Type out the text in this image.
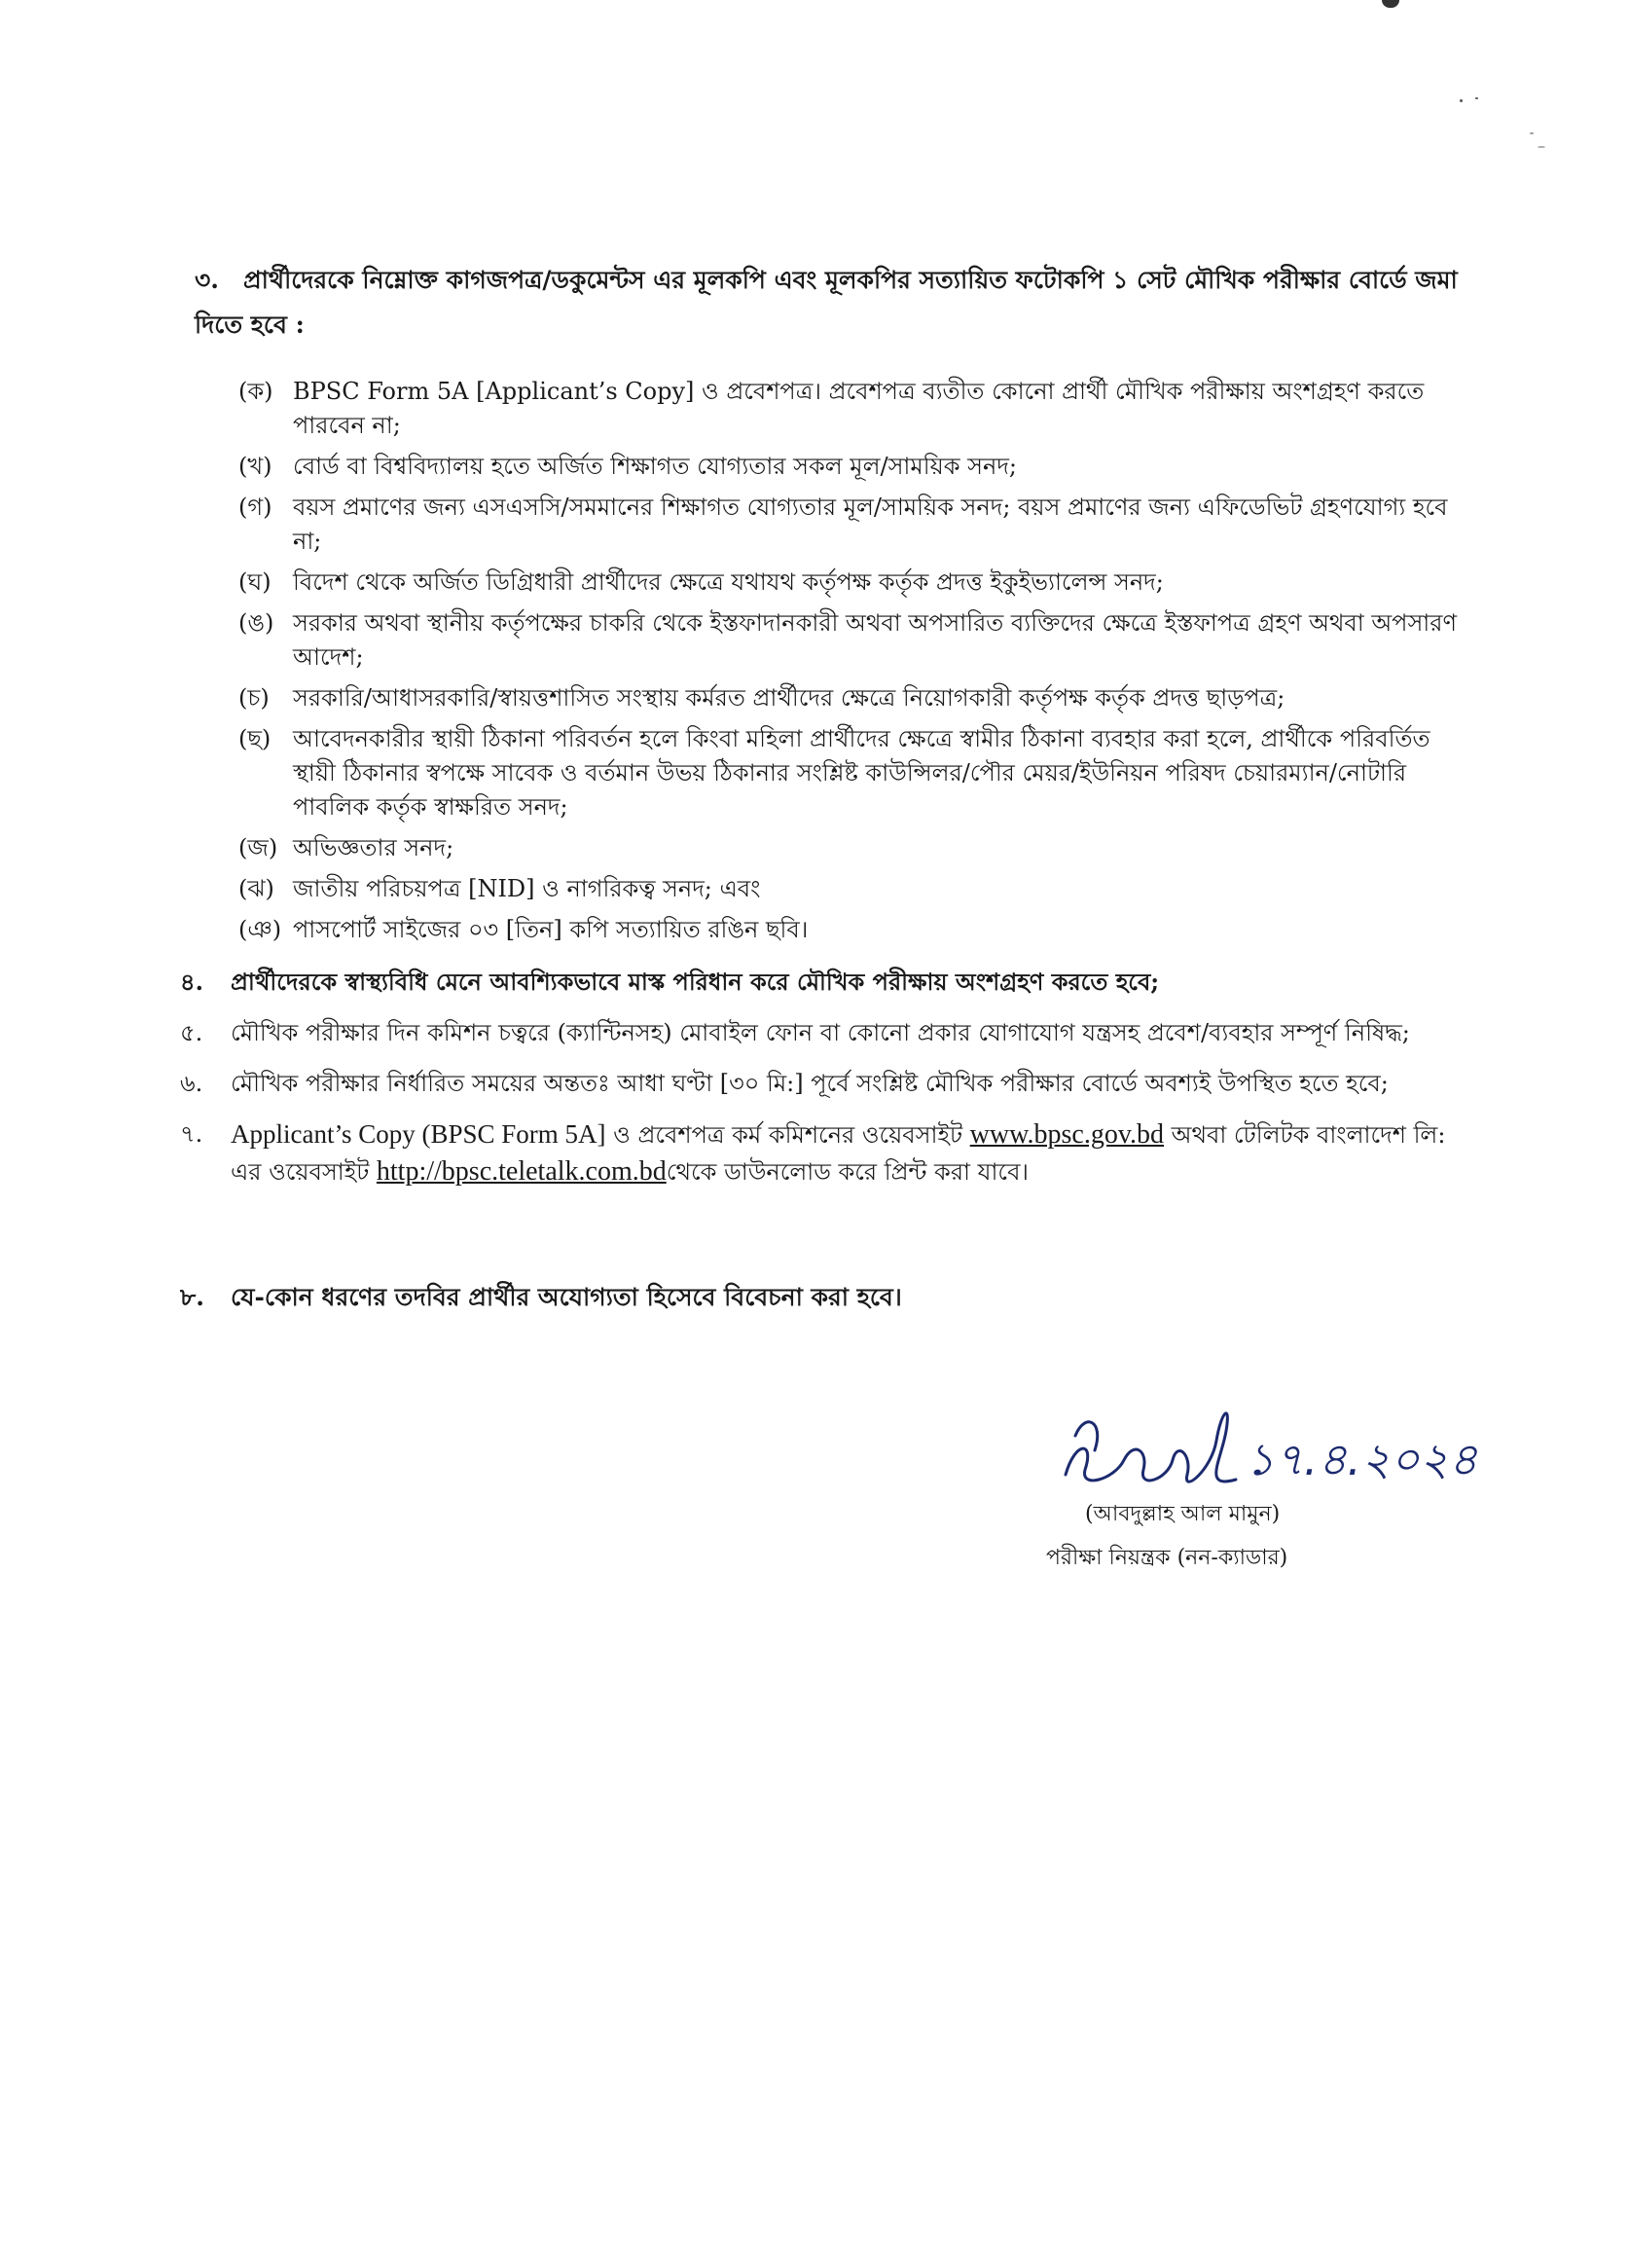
৩. প্রার্থীদেরকে নিম্নোক্ত কাগজপত্র/ডকুমেন্টস এর মূলকপি এবং মূলকপির সত্যায়িত ফটোকপি ১ সেট মৌখিক পরীক্ষার বোর্ডে জমা দিতে হবে :
(ক) BPSC Form 5A [Applicant’s Copy] ও প্রবেশপত্র। প্রবেশপত্র ব্যতীত কোনো প্রার্থী মৌখিক পরীক্ষায় অংশগ্রহণ করতে পারবেন না;
(খ) বোর্ড বা বিশ্ববিদ্যালয় হতে অর্জিত শিক্ষাগত যোগ্যতার সকল মূল/সাময়িক সনদ;
(গ) বয়স প্রমাণের জন্য এসএসসি/সমমানের শিক্ষাগত যোগ্যতার মূল/সাময়িক সনদ; বয়স প্রমাণের জন্য এফিডেভিট গ্রহণযোগ্য হবে না;
(ঘ) বিদেশ থেকে অর্জিত ডিগ্রিধারী প্রার্থীদের ক্ষেত্রে যথাযথ কর্তৃপক্ষ কর্তৃক প্রদত্ত ইকুইভ্যালেন্স সনদ;
(ঙ) সরকার অথবা স্থানীয় কর্তৃপক্ষের চাকরি থেকে ইস্তফাদানকারী অথবা অপসারিত ব্যক্তিদের ক্ষেত্রে ইস্তফাপত্র গ্রহণ অথবা অপসারণ আদেশ;
(চ)	সরকারি/আধাসরকারি/স্বায়ত্তশাসিত সংস্থায় কর্মরত প্রার্থীদের ক্ষেত্রে নিয়োগকারী কর্তৃপক্ষ কর্তৃক প্রদত্ত ছাড়পত্র;
(ছ) আবেদনকারীর স্থায়ী ঠিকানা পরিবর্তন হলে কিংবা মহিলা প্রার্থীদের ক্ষেত্রে স্বামীর ঠিকানা ব্যবহার করা হলে, প্রার্থীকে পরিবর্তিত স্থায়ী ঠিকানার স্বপক্ষে সাবেক ও বর্তমান উভয় ঠিকানার সংশ্লিষ্ট কাউন্সিলর/পৌর মেয়র/ইউনিয়ন পরিষদ চেয়ারম্যান/নোটারি পাবলিক কর্তৃক স্বাক্ষরিত সনদ;
(জ) অভিজ্ঞতার সনদ;
(ঝ) জাতীয় পরিচয়পত্র [NID] ও নাগরিকত্ব সনদ; এবং
(ঞ) পাসপোর্ট সাইজের ০৩ [তিন] কপি সত্যায়িত রঙিন ছবি।
৪.	প্রার্থীদেরকে স্বাস্থ্যবিধি মেনে আবশ্যিকভাবে মাস্ক পরিধান করে মৌখিক পরীক্ষায় অংশগ্রহণ করতে হবে;
৫.	মৌখিক পরীক্ষার দিন কমিশন চত্বরে (ক্যান্টিনসহ) মোবাইল ফোন বা কোনো প্রকার যোগাযোগ যন্ত্রসহ প্রবেশ/ব্যবহার সম্পূর্ণ নিষিদ্ধ;
৬.	মৌখিক পরীক্ষার নির্ধারিত সময়ের অন্ততঃ আধা ঘণ্টা [৩০ মি:] পূর্বে সংশ্লিষ্ট মৌখিক পরীক্ষার বোর্ডে অবশ্যই উপস্থিত হতে হবে;
৭.	Applicant’s Copy (BPSC Form 5A] ও প্রবেশপত্র কর্ম কমিশনের ওয়েবসাইট www.bpsc.gov.bd অথবা টেলিটক বাংলাদেশ লি: এর ওয়েবসাইট http://bpsc.teletalk.com.bdথেকে ডাউনলোড করে প্রিন্ট করা যাবে।
৮. যে-কোন ধরণের তদবির প্রার্থীর অযোগ্যতা হিসেবে বিবেচনা করা হবে।
১৭.৪.২০২৪
(আবদুল্লাহ আল মামুন)
পরীক্ষা নিয়ন্ত্রক (নন-ক্যাডার)
